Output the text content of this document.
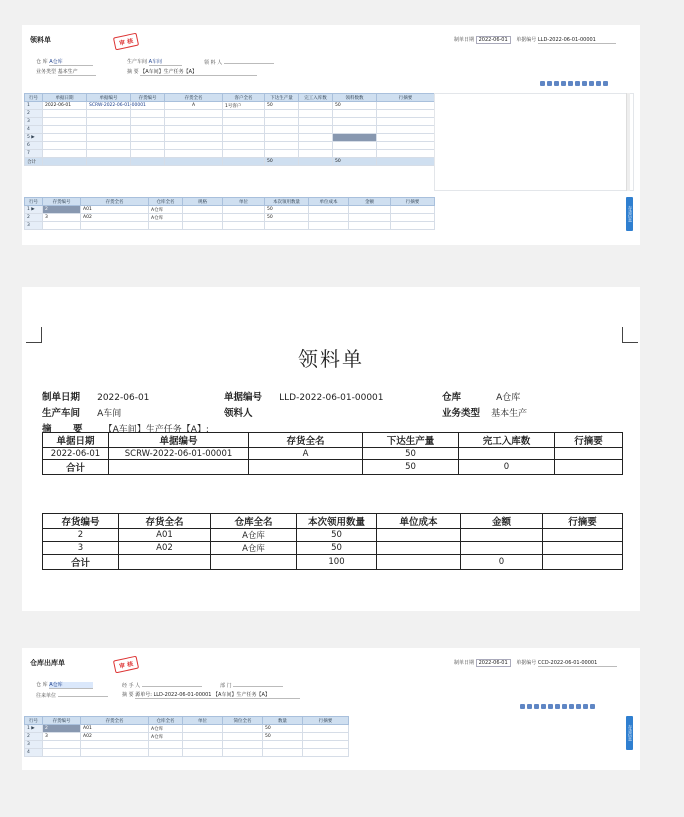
领料单	审 核	制单日期 2022-06-01 单据编号 LLD-2022-06-01-00001
仓 库 A仓库	生产车间 A车间	领 料 人
业务类型 基本生产	摘 要 【A车间】生产任务【A】
行号	单据日期	单据编号	存货编号	存货全名	客户全名	下达生产量	完工入库数	领料数数	行摘要
1	2022-06-01	SCRW-2022-06-01-00001		A	1号客户	50		50	
2									
3									
4									
5 ▶									
6									
7									
合计						50		50	
行号	存货编号	存货全名	仓库全名	规格	单位	本次领用数量	单位成本	金额	行摘要
1 ▶	2	A01	A仓库			50			
2	3	A02	A仓库			50			
3									
存货信息
领料单
制单日期 2022-06-01	单据编号 LLD-2022-06-01-00001	仓库	A仓库
生产车间 A车间	领料人	业务类型 基本生产
摘　要 【A车间】生产任务【A】;
单据日期	单据编号	存货全名	下达生产量	完工入库数	行摘要
2022-06-01	SCRW-2022-06-01-00001	A	50		
合计			50	0	
存货编号	存货全名	仓库全名	本次领用数量	单位成本	金额	行摘要
2	A01	A仓库	50			
3	A02	A仓库	50			
合计			100		0	
仓库出库单	审 核	制单日期 2022-06-01 单据编号 CCD-2022-06-01-00001
仓 库 A仓库	经 手 人	部 门
往来单位	摘 要 源单号: LLD-2022-06-01-00001 【A车间】生产任务【A】
行号	存货编号	存货全名	仓库全名	单位	简位全名	数量	行摘要
1 ▶	2	A01	A仓库			50	
2	3	A02	A仓库			50	
3							
4							
存货信息
